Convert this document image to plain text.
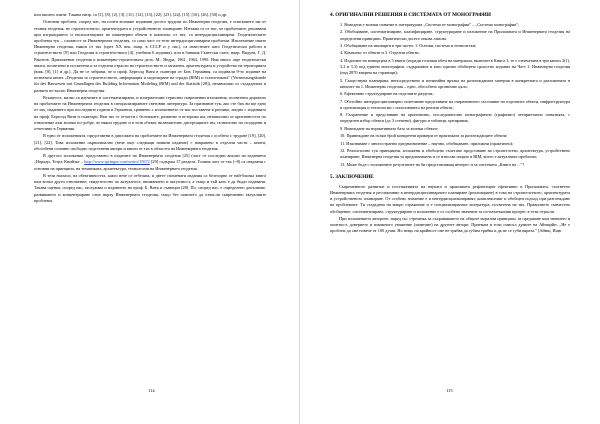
или писано зпити. Такива напр. са [1], [8], [2], [3], [11], [12], [13], [22], [23], [24], [15], [16], [26], [30] и др.

Основни проблем, според нас, на почти всичкие издавани досега трудове по Инженерна геодезия, е описването им от техния геодезия, не строителството, архитектурата и устройственото планиране. Изтъква се от нас, че проблемите, решавани при изграждането и експлоатацията на инженерни обекти в комплекс от тях, са интердисциплинарни. Геодезическите проблеми тук – сложност за Инженерната геодезия, са само част от тези интердисциплинарни проблеми. Изключение имате Инженерна геодезия, някои от тях (през XX век, напр. в СССР и у нас), са известните като Геодезически работи в строителството [9] или Геодезия в строителството [4], учебник 6 издания), или в бившия Съветски съюз, напр. Видуев, Г. Д. Ракитов. Приложение геодезия в инженерно-строителната дело. М., Недра, 1961, 1964, 1990. Има много още геодезически книги, посветени и посветени и за отделни отрасли на строителството и запазени, архитектурата и устройство на територията (виж. [8], [1] и др.). Да не се забрави, че и проф. Бертолд Витя в съавтори от Бон, Германия, са издавали 9-то издание на познатата книга „Геодезия за строителството, информация и моделиране на сгради (BIM) и статистиката" (Vermessungskunde für des Bauwesen mit Grundlagen des Building Information Modeling (BIM) und der Statistik [28]), независимо от създадената и развита по-късно Инженерна геодезия.

Всъщност, малко са научните и систематизирани, и изчерпателни сериозни съвременни изложения, посветени директно на проблемите на Инженерната геодезия в специализираните световни литература. За признание тук, ако сте бих ви ще едно от тях, изданието при последните години в Германия, сравнено с изложението от нас поставена в разлика, заедно с изданията на проф. Бертолд Витя и съавтори. Във тях се отчасти с бележките, развитие и историка им, независимо от критичността по отношение към всичко по-добре, че някои трудове и в този обхват, включително дисертациите им, съзнателно на създадени и отчетливо в Германия.

В едно от изложенията, представени в дипломата на проблемите на Инженерната геодезия с особено с трудове [19], [20], [21], [22]. Това изложение първоначално (вече още следващи новини издание) с направено в отделни части – книги, обособени основно свободно подготвени автори и книги от тях в областта на Инженерната геодезия.

В другото изложение, представено в изданите на Инженерната геодезия [25] (част от последни анализ на изданието „Норади, Тотрт, Книйльт – http://www.springer.com/series/15672 [29] съдържа 17 раздела. Голяма част от тях (~8) са свързани с основни на принципи, на тематиката, архитектура, технологии на Инженерната геодезия.

В тези нагласи, на обективността, както вече се отбеляза, и двете споменати издания са белезорно от най-близка книга към всеки други отношение, свидетелство по актуалност, вниманието и актуалност, а също и тъй като е да бъдат издавани. Такава оценка, според нас, заслужава и изданието на проф. Б. Витя и съавтори [28]. По, според нас, е определено допълване, развиването и концентриране само върху Инженерната геодезия, също без повечето да отчисли съвременно актуалните проблеми.

114
4. ОРИГИНАЛНИ РЕШЕНИЯ В СИСТЕМАТА ОТ МОНОГРАФИИ

1. Въведена е всички понятие в литературата „Система от монографии" – „Система монографии";

2. Обобщаване, систематизиране, класифициране, структуриране и изложение на Приложната и Инженерната геодезия на определени принципи. Практически досега такова липсва.

3. Обобщаване на имоварти в три части: 1. Основи, система и технически;

4. Комплекс от обекти и 3. Отделни обекти;

4. Издигане на минорцата в 5 книги (поради големия обем на материала, включен в Книга 3, те е отпечатана в три книги 3(1), 3.2 и 3.3) под единно монографии, съдържание и като единно обобщено цялостно издание на Част 1. Инженерна геодезия (над 2870 кнорни на страници);

5. Съществува планирана, непосредствено и понятийна връзка на разглежданата материя в конкретната и разложената в книгите на 1. Инженерна геодезия – едно, обособено органично цяло;

6. Ефективно структуриране на отделните раздели;

7. Обстойно интердисциплинарно съчетаване представяне на съвременното състояние на отделните обекти, инфраструктура и организация и технологии с използването на реални обекти;

8. Съхранение и представяне на оригинално, последователно монографично (графично) четириетапно понятията, с определен избор обекти (до 3 степени), фигури и таблици, цитирания;

9. Въвеждане на нормативната база за всички обекти;

10. Привеждане на голям брой конкретни примери от практиката за разглеждащите обекти;

11. Изясняване с многостранно предназначение – научно, обобщаване, приложни (практично);

12. Реалистично тук принципни, изложени и обобщено съчетано представяне на строителство, архитектура, устройствено планиране; Инженерна геодезия за предназначена и се използи изцяло в BIM, което е актуалната проблема;

13. Може бъде с изложените резултатите на би представляващ интерес и за системата „Книга на ..."?

5. ЗАКЛЮЧЕНИЕ

Съвременното развитие и постиженията на науката и практиката рефлектират ефективно в Приложната, съответно Инженерната геодезия и респективно в интердисциплинарното планиране (реализиране) в това на строителството, архитектурата и устройственото планиране. От особено значение е и интердисциплинарният, комплексният и обобщен подход при разглеждане на проблемите. Тя създадена на макро отражение и е специализираната литература, посветена на тях. Правилното съвместно обобщение, систематизиране, структуриране и изложение е от особено значение за по-нататъшния прогрес в тези отрасли.

При изложението авторите, наред със стремежа за съхраняването на общите морални принципи, за предаване към знанието и опитност, доверието и взаимното уважение (зачитане) на другите автори. Приемам в този смисъл думите на Айнщайн, „Не е проблем да сме повече от 100 души. Но нещо на крайност сме не трябва да губим трябва и да не се губи вярата." [Айнщ. Ищв.

115
